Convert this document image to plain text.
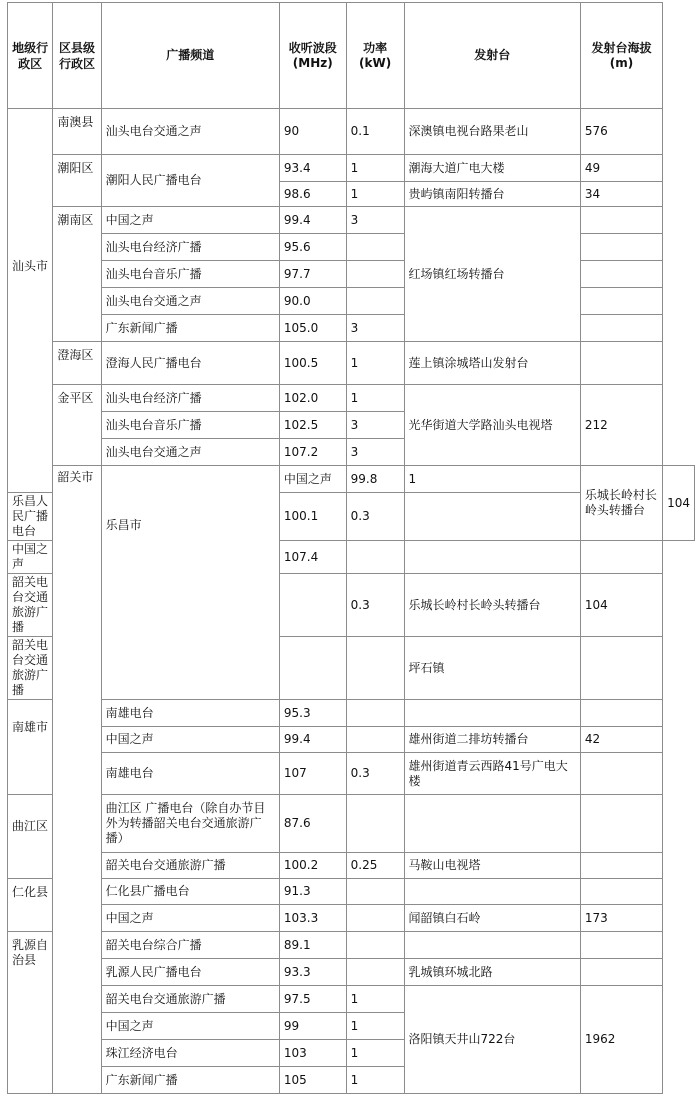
地级行政区	区县级行政区	广播频道	收听波段(MHz)	功率(kW)	发射台	发射台海拔(m)	
汕头市	南澳县	汕头电台交通之声	90	0.1	深澳镇电视台路果老山	576	
	潮阳区	潮阳人民广播电台	93.4	1	潮海大道广电大楼	49	
			98.6	1	贵屿镇南阳转播台	34	
	潮南区	中国之声	99.4	3	红场镇红场转播台		
		汕头电台经济广播	95.6				
		汕头电台音乐广播	97.7				
		汕头电台交通之声	90.0				
		广东新闻广播	105.0	3			
	澄海区	澄海人民广播电台	100.5	1	莲上镇涂城塔山发射台		
	金平区	汕头电台经济广播	102.0	1	光华街道大学路汕头电视塔	212	
		汕头电台音乐广播	102.5	3			
		汕头电台交通之声	107.2	3			
	韶关市	乐昌市	中国之声	99.8	1	乐城长岭村长岭头转播台	104
乐昌人民广播电台			100.1	0.3			
中国之声			107.4				
韶关电台交通旅游广播				0.3	乐城长岭村长岭头转播台	104	
韶关电台交通旅游广播					坪石镇		
南雄市		南雄电台	95.3				
		中国之声	99.4		雄州街道二排坊转播台	42	
		南雄电台	107	0.3	雄州街道青云西路41号广电大楼		
曲江区		曲江区 广播电台（除自办节目外为转播韶关电台交通旅游广播）	87.6				
		韶关电台交通旅游广播	100.2	0.25	马鞍山电视塔		
仁化县		仁化县广播电台	91.3				
		中国之声	103.3		闻韶镇白石岭	173	
乳源自治县		韶关电台综合广播	89.1				
		乳源人民广播电台	93.3		乳城镇环城北路		
		韶关电台交通旅游广播	97.5	1	洛阳镇天井山722台	1962	
		中国之声	99	1			
		珠江经济电台	103	1			
		广东新闻广播	105	1			
